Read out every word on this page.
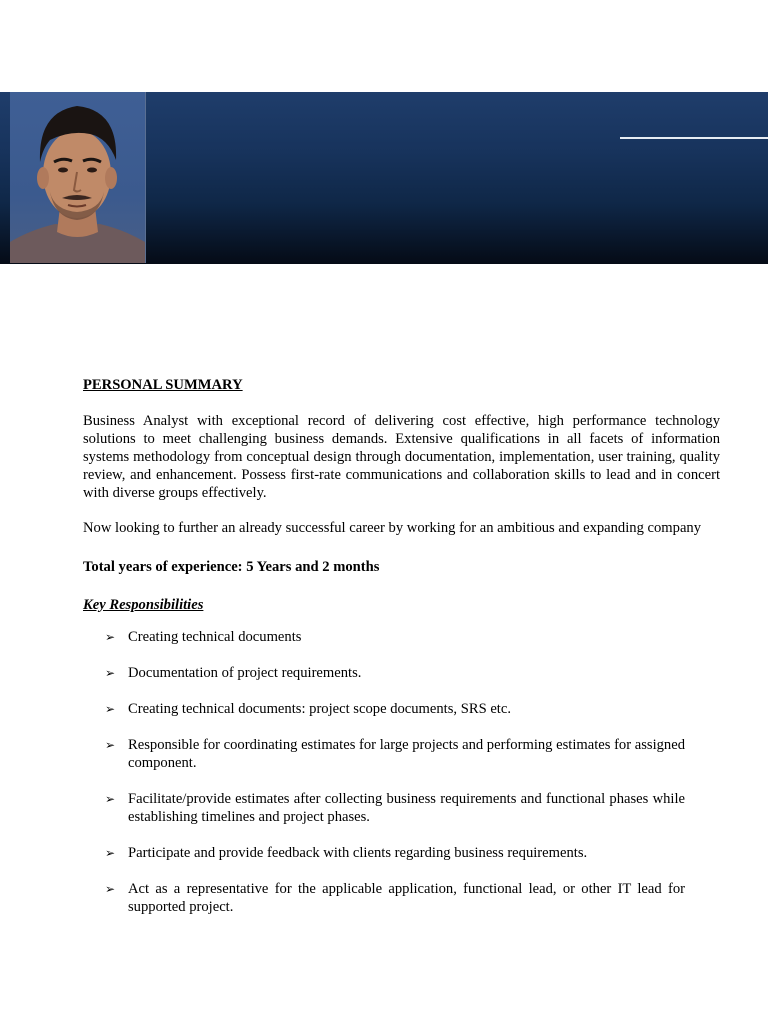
PERSONAL SUMMARY

Business Analyst with exceptional record of delivering cost effective, high performance technology solutions to meet challenging business demands. Extensive qualifications in all facets of information systems methodology from conceptual design through documentation, implementation, user training, quality review, and enhancement. Possess first-rate communications and collaboration skills to lead and in concert with diverse groups effectively.

Now looking to further an already successful career by working for an ambitious and expanding company

Total years of experience: 5 Years and 2 months

Key Responsibilities

➢ Creating technical documents
➢ Documentation of project requirements.
➢ Creating technical documents: project scope documents, SRS etc.
➢ Responsible for coordinating estimates for large projects and performing estimates for assigned component.
➢ Facilitate/provide estimates after collecting business requirements and functional phases while establishing timelines and project phases.
➢ Participate and provide feedback with clients regarding business requirements.
➢ Act as a representative for the applicable application, functional lead, or other IT lead for supported project.
